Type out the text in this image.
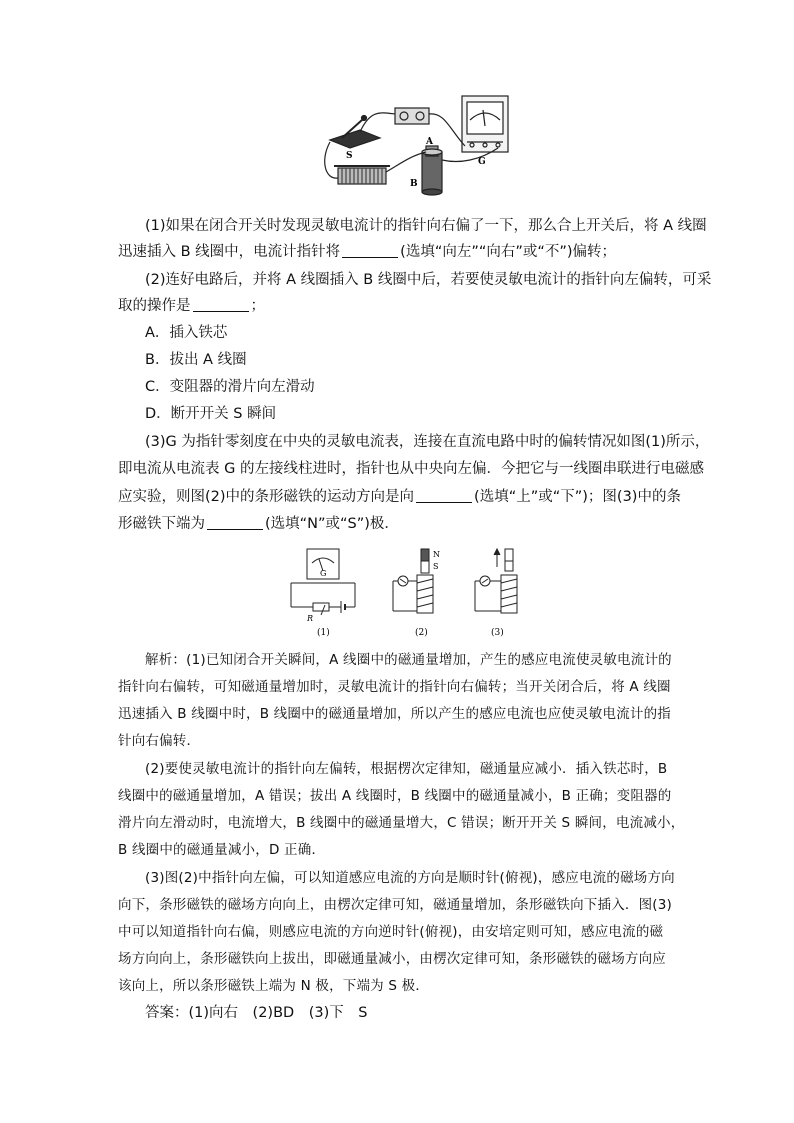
S
A
B
G
(1)如果在闭合开关时发现灵敏电流计的指针向右偏了一下，那么合上开关后，将 A 线圈
迅速插入 B 线圈中，电流计指针将	(选填“向左”“向右”或“不”)偏转；
(2)连好电路后，并将 A 线圈插入 B 线圈中后，若要使灵敏电流计的指针向左偏转，可采
取的操作是	；
A．插入铁芯
B．拔出 A 线圈
C．变阻器的滑片向左滑动
D．断开开关 S 瞬间
(3)G 为指针零刻度在中央的灵敏电流表，连接在直流电路中时的偏转情况如图(1)所示，
即电流从电流表 G 的左接线柱进时，指针也从中央向左偏．今把它与一线圈串联进行电磁感
应实验，则图(2)中的条形磁铁的运动方向是向	(选填“上”或“下”)；图(3)中的条
形磁铁下端为	(选填“N”或“S”)极．
G
R
N
S
(1)	(2)	(3)
解析：(1)已知闭合开关瞬间，A 线圈中的磁通量增加，产生的感应电流使灵敏电流计的
指针向右偏转，可知磁通量增加时，灵敏电流计的指针向右偏转；当开关闭合后，将 A 线圈
迅速插入 B 线圈中时，B 线圈中的磁通量增加，所以产生的感应电流也应使灵敏电流计的指
针向右偏转．
(2)要使灵敏电流计的指针向左偏转，根据楞次定律知，磁通量应减小．插入铁芯时，B
线圈中的磁通量增加，A 错误；拔出 A 线圈时，B 线圈中的磁通量减小，B 正确；变阻器的
滑片向左滑动时，电流增大，B 线圈中的磁通量增大，C 错误；断开开关 S 瞬间，电流减小，
B 线圈中的磁通量减小，D 正确．
(3)图(2)中指针向左偏，可以知道感应电流的方向是顺时针(俯视)，感应电流的磁场方向
向下，条形磁铁的磁场方向向上，由楞次定律可知，磁通量增加，条形磁铁向下插入．图(3)
中可以知道指针向右偏，则感应电流的方向逆时针(俯视)，由安培定则可知，感应电流的磁
场方向向上，条形磁铁向上拔出，即磁通量减小，由楞次定律可知，条形磁铁的磁场方向应
该向上，所以条形磁铁上端为 N 极，下端为 S 极．
答案：(1)向右　(2)BD　(3)下　S
